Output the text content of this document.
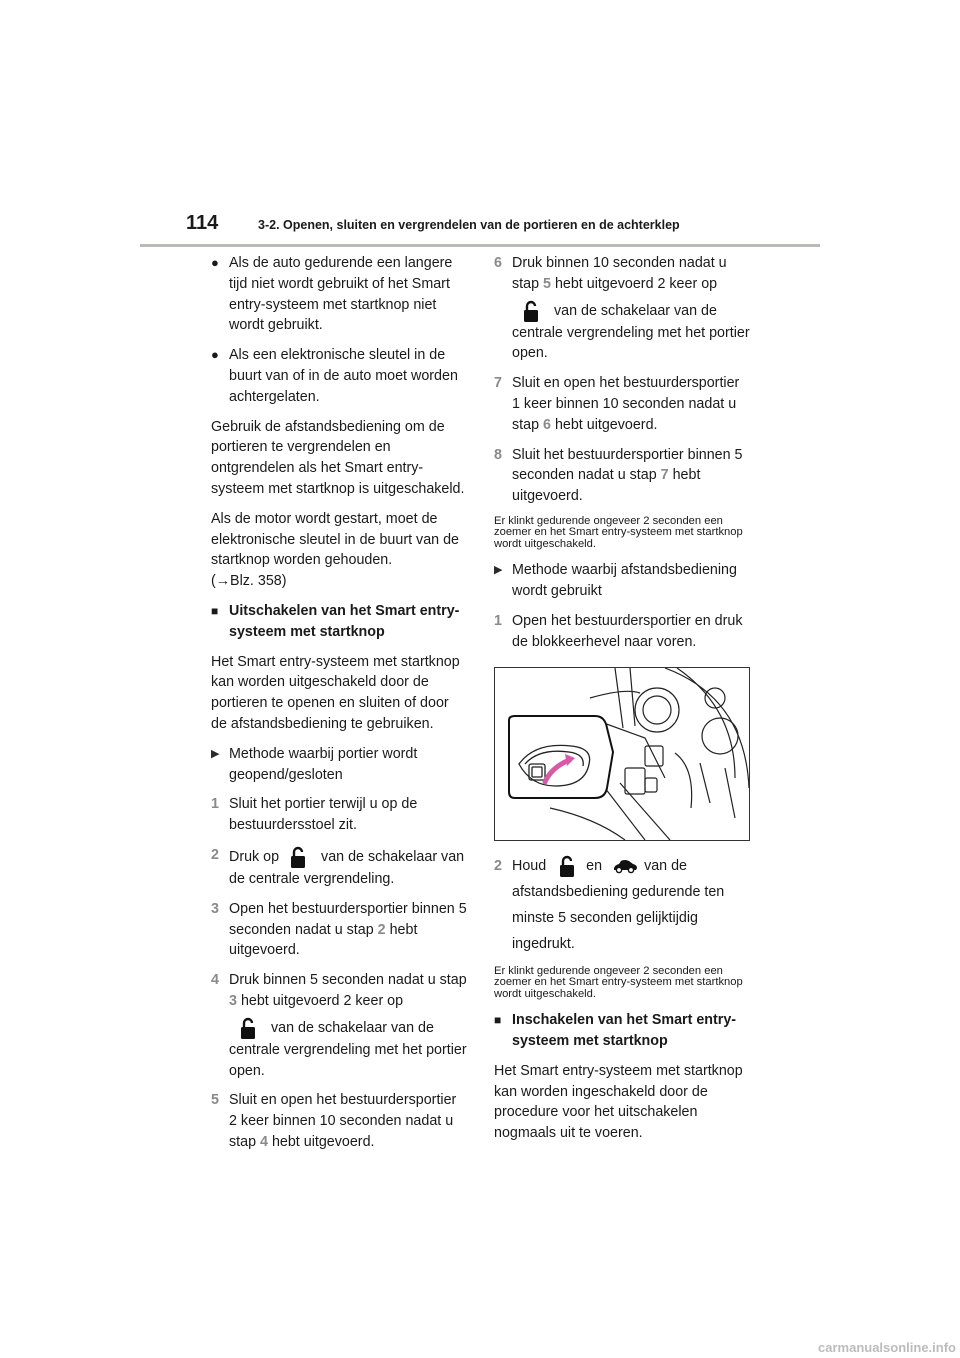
114	3-2. Openen, sluiten en vergrendelen van de portieren en de achterklep
● Als de auto gedurende een langere tijd niet wordt gebruikt of het Smart entry-systeem met startknop niet wordt gebruikt.
● Als een elektronische sleutel in de buurt van of in de auto moet worden achtergelaten.

Gebruik de afstandsbediening om de portieren te vergrendelen en ontgrendelen als het Smart entry-systeem met startknop is uitgeschakeld.

Als de motor wordt gestart, moet de elektronische sleutel in de buurt van de startknop worden gehouden.
(→Blz. 358)

■ Uitschakelen van het Smart entry-systeem met startknop

Het Smart entry-systeem met startknop kan worden uitgeschakeld door de portieren te openen en sluiten of door de afstandsbediening te gebruiken.

▶ Methode waarbij portier wordt geopend/gesloten
1 Sluit het portier terwijl u op de bestuurdersstoel zit.
2 Druk op	van de schakelaar van de centrale vergrendeling.
3 Open het bestuurdersportier binnen 5 seconden nadat u stap 2 hebt uitgevoerd.
4 Druk binnen 5 seconden nadat u stap 3 hebt uitgevoerd 2 keer op
van de schakelaar van de centrale vergrendeling met het portier open.
5 Sluit en open het bestuurdersportier 2 keer binnen 10 seconden nadat u stap 4 hebt uitgevoerd.
6 Druk binnen 10 seconden nadat u stap 5 hebt uitgevoerd 2 keer op
van de schakelaar van de centrale vergrendeling met het portier open.
7 Sluit en open het bestuurdersportier 1 keer binnen 10 seconden nadat u stap 6 hebt uitgevoerd.
8 Sluit het bestuurdersportier binnen 5 seconden nadat u stap 7 hebt uitgevoerd.

Er klinkt gedurende ongeveer 2 seconden een zoemer en het Smart entry-systeem met startknop wordt uitgeschakeld.

▶ Methode waarbij afstandsbediening wordt gebruikt
1 Open het bestuurdersportier en druk de blokkeerhevel naar voren.
2 Houd	en	van de afstandsbediening gedurende ten minste 5 seconden gelijktijdig ingedrukt.

Er klinkt gedurende ongeveer 2 seconden een zoemer en het Smart entry-systeem met startknop wordt uitgeschakeld.

■ Inschakelen van het Smart entry-systeem met startknop

Het Smart entry-systeem met startknop kan worden ingeschakeld door de procedure voor het uitschakelen nogmaals uit te voeren.

carmanualsonline.info
